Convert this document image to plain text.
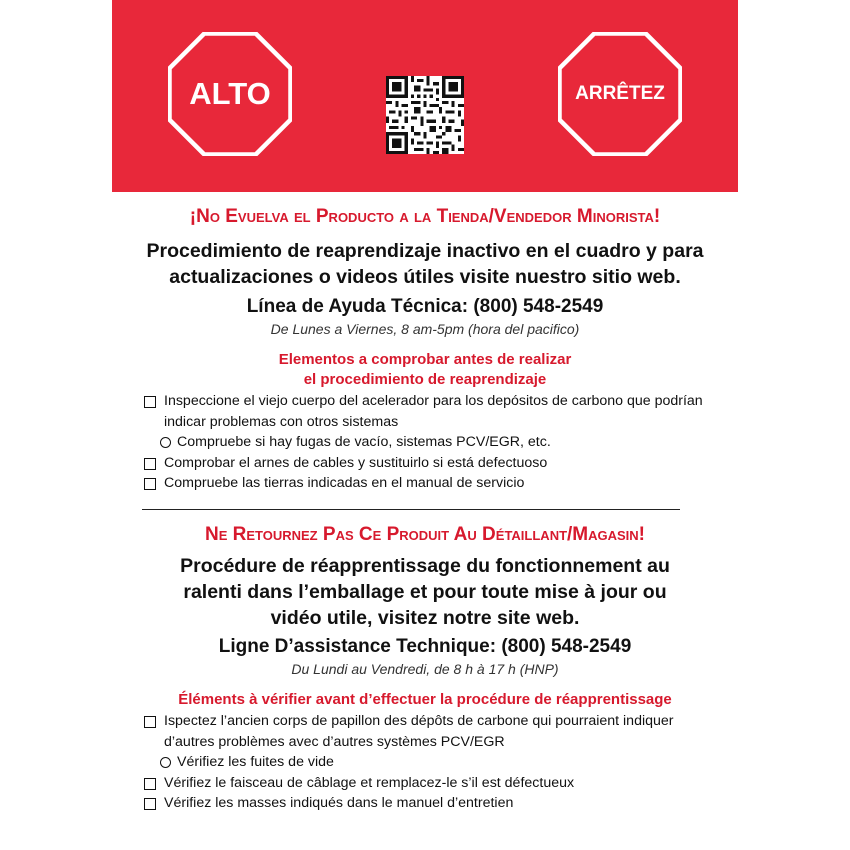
ALTO	ARRÊTEZ
¡No Evuelva el Producto a la Tienda/Vendedor Minorista!
Procedimiento de reaprendizaje inactivo en el cuadro y para
actualizaciones o videos útiles visite nuestro sitio web.
Línea de Ayuda Técnica: (800) 548-2549
De Lunes a Viernes, 8 am-5pm (hora del pacifico)
Elementos a comprobar antes de realizar
el procedimiento de reaprendizaje
Inspeccione el viejo cuerpo del acelerador para los depósitos de carbono que podrían indicar problemas con otros sistemas
Compruebe si hay fugas de vacío, sistemas PCV/EGR, etc.
Comprobar el arnes de cables y sustituirlo si está defectuoso
Compruebe las tierras indicadas en el manual de servicio
Ne Retournez Pas Ce Produit Au Détaillant/Magasin!
Procédure de réapprentissage du fonctionnement au
ralenti dans l’emballage et pour toute mise à jour ou
vidéo utile, visitez notre site web.
Ligne D’assistance Technique: (800) 548-2549
Du Lundi au Vendredi, de 8 h à 17 h (HNP)
Éléments à vérifier avant d’effectuer la procédure de réapprentissage
Ispectez l’ancien corps de papillon des dépôts de carbone qui pourraient indiquer d’autres problèmes avec d’autres systèmes PCV/EGR
Vérifiez les fuites de vide
Vérifiez le faisceau de câblage et remplacez-le s’il est défectueux
Vérifiez les masses indiqués dans le manuel d’entretien
